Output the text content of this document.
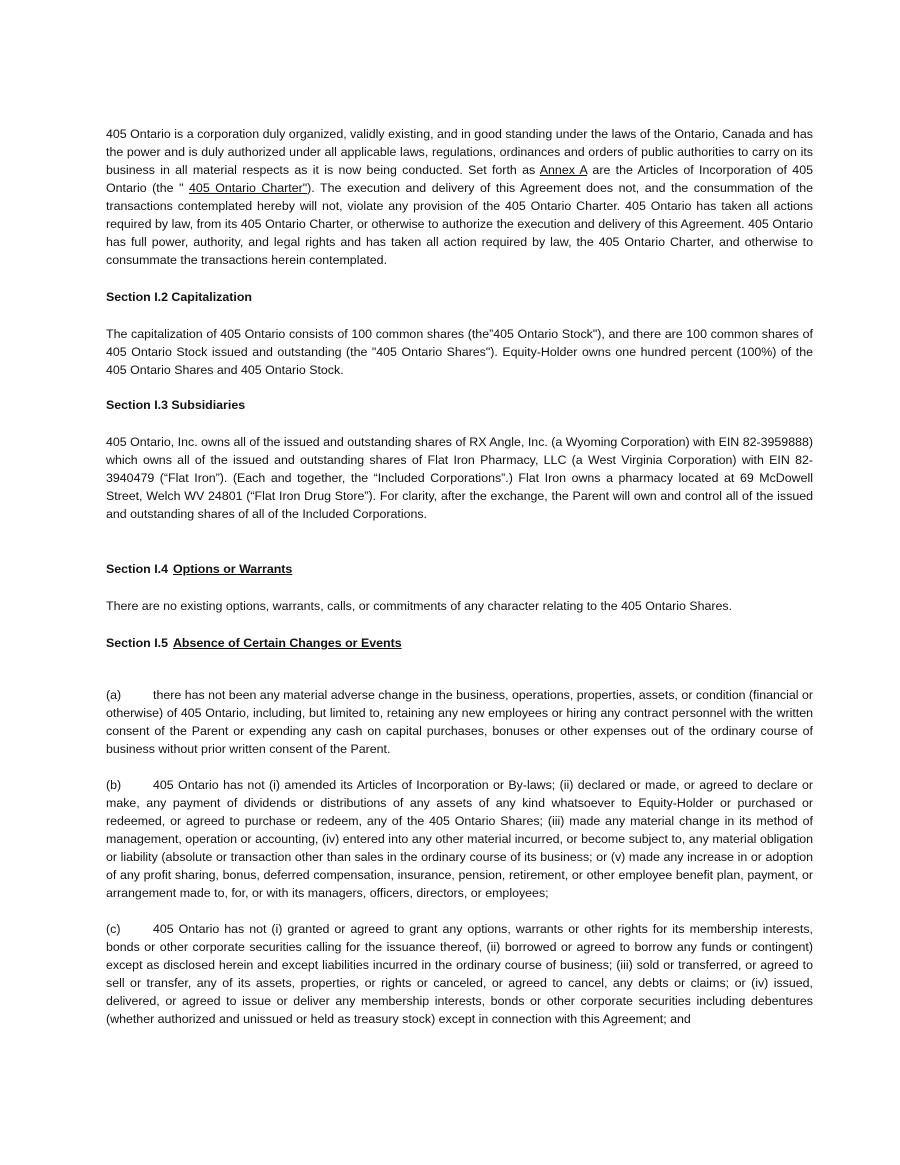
405 Ontario is a corporation duly organized, validly existing, and in good standing under the laws of the Ontario, Canada and has the power and is duly authorized under all applicable laws, regulations, ordinances and orders of public authorities to carry on its business in all material respects as it is now being conducted. Set forth as Annex A are the Articles of Incorporation of 405 Ontario (the " 405 Ontario Charter"). The execution and delivery of this Agreement does not, and the consummation of the transactions contemplated hereby will not, violate any provision of the 405 Ontario Charter. 405 Ontario has taken all actions required by law, from its 405 Ontario Charter, or otherwise to authorize the execution and delivery of this Agreement. 405 Ontario has full power, authority, and legal rights and has taken all action required by law, the 405 Ontario Charter, and otherwise to consummate the transactions herein contemplated.

Section I.2 Capitalization

The capitalization of 405 Ontario consists of 100 common shares (the”405 Ontario Stock"), and there are 100 common shares of 405 Ontario Stock issued and outstanding (the "405 Ontario Shares"). Equity-Holder owns one hundred percent (100%) of the 405 Ontario Shares and 405 Ontario Stock.

Section I.3 Subsidiaries

405 Ontario, Inc. owns all of the issued and outstanding shares of RX Angle, Inc. (a Wyoming Corporation) with EIN 82-3959888) which owns all of the issued and outstanding shares of Flat Iron Pharmacy, LLC (a West Virginia Corporation) with EIN 82-3940479 (“Flat Iron”). (Each and together, the “Included Corporations”.) Flat Iron owns a pharmacy located at 69 McDowell Street, Welch WV 24801 (“Flat Iron Drug Store”). For clarity, after the exchange, the Parent will own and control all of the issued and outstanding shares of all of the Included Corporations.

Section I.4 Options or Warrants

There are no existing options, warrants, calls, or commitments of any character relating to the 405 Ontario Shares.

Section I.5 Absence of Certain Changes or Events

(a)	there has not been any material adverse change in the business, operations, properties, assets, or condition (financial or otherwise) of 405 Ontario, including, but limited to, retaining any new employees or hiring any contract personnel with the written consent of the Parent or expending any cash on capital purchases, bonuses or other expenses out of the ordinary course of business without prior written consent of the Parent.

(b)	405 Ontario has not (i) amended its Articles of Incorporation or By-laws; (ii) declared or made, or agreed to declare or make, any payment of dividends or distributions of any assets of any kind whatsoever to Equity-Holder or purchased or redeemed, or agreed to purchase or redeem, any of the 405 Ontario Shares; (iii) made any material change in its method of management, operation or accounting, (iv) entered into any other material incurred, or become subject to, any material obligation or liability (absolute or transaction other than sales in the ordinary course of its business; or (v) made any increase in or adoption of any profit sharing, bonus, deferred compensation, insurance, pension, retirement, or other employee benefit plan, payment, or arrangement made to, for, or with its managers, officers, directors, or employees;

(c)	405 Ontario has not (i) granted or agreed to grant any options, warrants or other rights for its membership interests, bonds or other corporate securities calling for the issuance thereof, (ii) borrowed or agreed to borrow any funds or contingent) except as disclosed herein and except liabilities incurred in the ordinary course of business; (iii) sold or transferred, or agreed to sell or transfer, any of its assets, properties, or rights or canceled, or agreed to cancel, any debts or claims; or (iv) issued, delivered, or agreed to issue or deliver any membership interests, bonds or other corporate securities including debentures (whether authorized and unissued or held as treasury stock) except in connection with this Agreement; and
